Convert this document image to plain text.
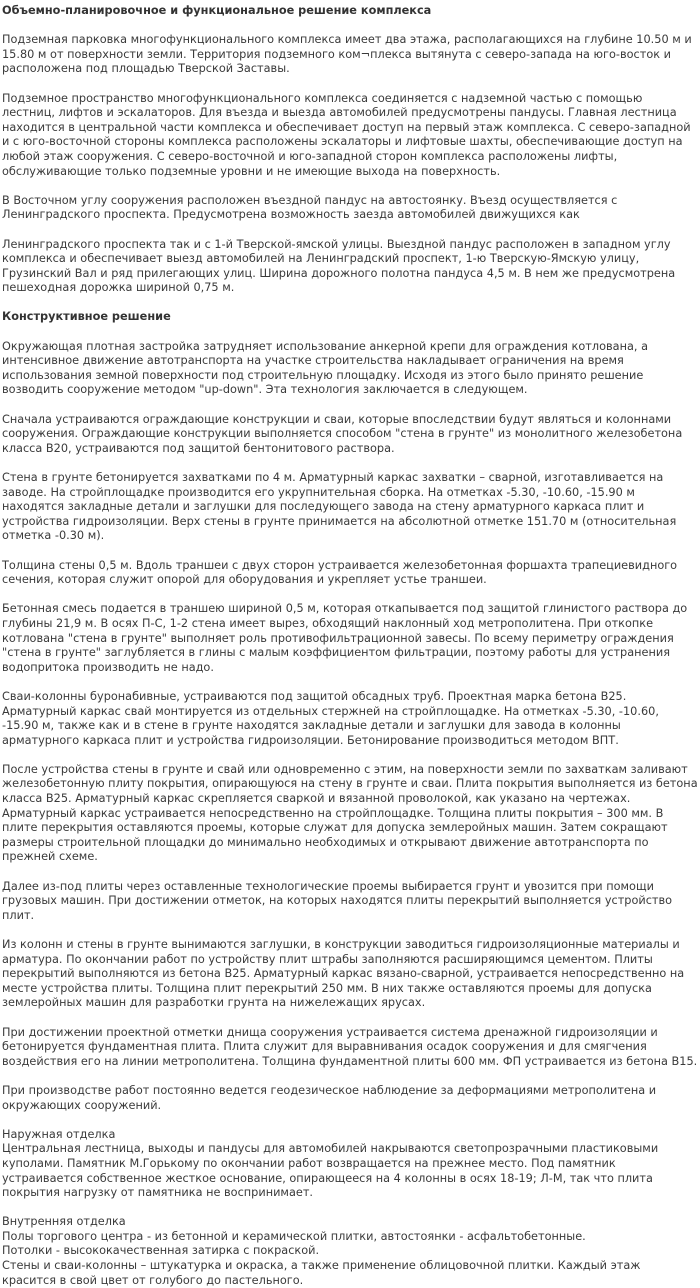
Объемно-планировочное и функциональное решение комплекса
Подземная парковка многофункционального комплекса имеет два этажа, располагающихся на глубине 10.50 м и 15.80 м от поверхности земли. Территория подземного ком¬плекса вытянута с северо-запада на юго-восток и расположена под площадью Тверской Заставы.
Подземное пространство многофункционального комплекса соединяется с надземной частью с помощью лестниц, лифтов и эскалаторов. Для въезда и выезда автомобилей предусмотрены пандусы. Главная лестница находится в центральной части комплекса и обеспечивает доступ на первый этаж комплекса. С северо-западной и с юго-восточной стороны комплекса расположены эскалаторы и лифтовые шахты, обеспечивающие доступ на любой этаж сооружения. С северо-восточной и юго-западной сторон комплекса расположены лифты, обслуживающие только подземные уровни и не имеющие выхода на поверхность.
В Восточном углу сооружения расположен въездной пандус на автостоянку. Въезд осуществляется с Ленинградского проспекта. Предусмотрена возможность заезда автомобилей движущихся как
Ленинградского проспекта так и с 1-й Тверской-ямской улицы. Выездной пандус расположен в западном углу комплекса и обеспечивает выезд автомобилей на Ленинградский проспект, 1-ю Тверскую-Ямскую улицу, Грузинский Вал и ряд прилегающих улиц. Ширина дорожного полотна пандуса 4,5 м. В нем же предусмотрена пешеходная дорожка шириной 0,75 м.
Конструктивное решение
Окружающая плотная застройка затрудняет использование анкерной крепи для ограждения котлована, а интенсивное движение автотранспорта на участке строительства накладывает ограничения на время использования земной поверхности под строительную площадку. Исходя из этого было принято решение возводить сооружение методом "up-down". Эта технология заключается в следующем.
Сначала устраиваются ограждающие конструкции и сваи, которые впоследствии будут являться и колоннами сооружения. Ограждающие конструкции выполняется способом "стена в грунте" из монолитного железобетона класса В20, устраиваются под защитой бентонитового раствора.
Стена в грунте бетонируется захватками по 4 м. Арматурный каркас захватки – сварной, изготавливается на заводе. На стройплощадке производится его укрупнительная сборка. На отметках -5.30, -10.60, -15.90 м находятся закладные детали и заглушки для последующего завода на стену арматурного каркаса плит и устройства гидроизоляции. Верх стены в грунте принимается на абсолютной отметке 151.70 м (относительная отметка -0.30 м).
Толщина стены 0,5 м. Вдоль траншеи с двух сторон устраивается железобетонная форшахта трапециевидного сечения, которая служит опорой для оборудования и укрепляет устье траншеи.
Бетонная смесь подается в траншею шириной 0,5 м, которая откапывается под защитой глинистого раствора до глубины 21,9 м. В осях П-С, 1-2 стена имеет вырез, обходящий наклонный ход метрополитена. При откопке котлована "стена в грунте" выполняет роль противофильтрационной завесы. По всему периметру ограждения "стена в грунте" заглубляется в глины с малым коэффициентом фильтрации, поэтому работы для устранения водопритока производить не надо.
Сваи-колонны буронабивные, устраиваются под защитой обсадных труб. Проектная марка бетона В25. Арматурный каркас свай монтируется из отдельных стержней на стройплощадке. На отметках -5.30, -10.60, -15.90 м, также как и в стене в грунте находятся закладные детали и заглушки для завода в колонны арматурного каркаса плит и устройства гидроизоляции. Бетонирование производиться методом ВПТ.
После устройства стены в грунте и свай или одновременно с этим, на поверхности земли по захваткам заливают железобетонную плиту покрытия, опирающуюся на стену в грунте и сваи. Плита покрытия выполняется из бетона класса В25. Арматурный каркас скрепляется сваркой и вязанной проволокой, как указано на чертежах. Арматурный каркас устраивается непосредственно на стройплощадке. Толщина плиты покрытия – 300 мм. В плите перекрытия оставляются проемы, которые служат для допуска землеройных машин. Затем сокращают размеры строительной площадки до минимально необходимых и открывают движение автотранспорта по прежней схеме.
Далее из-под плиты через оставленные технологические проемы выбирается грунт и увозится при помощи грузовых машин. При достижении отметок, на которых находятся плиты перекрытий выполняется устройство плит.
Из колонн и стены в грунте вынимаются заглушки, в конструкции заводиться гидроизоляционные материалы и арматура. По окончании работ по устройству плит штрабы заполняются расширяющимся цементом. Плиты перекрытий выполняются из бетона В25. Арматурный каркас вязано-сварной, устраивается непосредственно на месте устройства плиты. Толщина плит перекрытий 250 мм. В них также оставляются проемы для допуска землеройных машин для разработки грунта на нижележащих ярусах.
При достижении проектной отметки днища сооружения устраивается система дренажной гидроизоляции и бетонируется фундаментная плита. Плита служит для выравнивания осадок сооружения и для смягчения воздействия его на линии метрополитена. Толщина фундаментной плиты 600 мм. ФП устраивается из бетона В15.
При производстве работ постоянно ведется геодезическое наблюдение за деформациями метрополитена и окружающих сооружений.
Наружная отделка
Центральная лестница, выходы и пандусы для автомобилей накрываются светопрозрачными пластиковыми куполами. Памятник М.Горькому по окончании работ возвращается на прежнее место. Под памятник устраивается собственное жесткое основание, опирающееся на 4 колонны в осях 18-19; Л-М, так что плита покрытия нагрузку от памятника не воспринимает.
Внутренняя отделка
Полы торгового центра - из бетонной и керамической плитки, автостоянки - асфальтобетонные.
Потолки - высококачественная затирка с покраской.
Стены и сваи-колонны – штукатурка и окраска, а также применение облицовочной плитки. Каждый этаж красится в свой цвет от голубого до пастельного.
